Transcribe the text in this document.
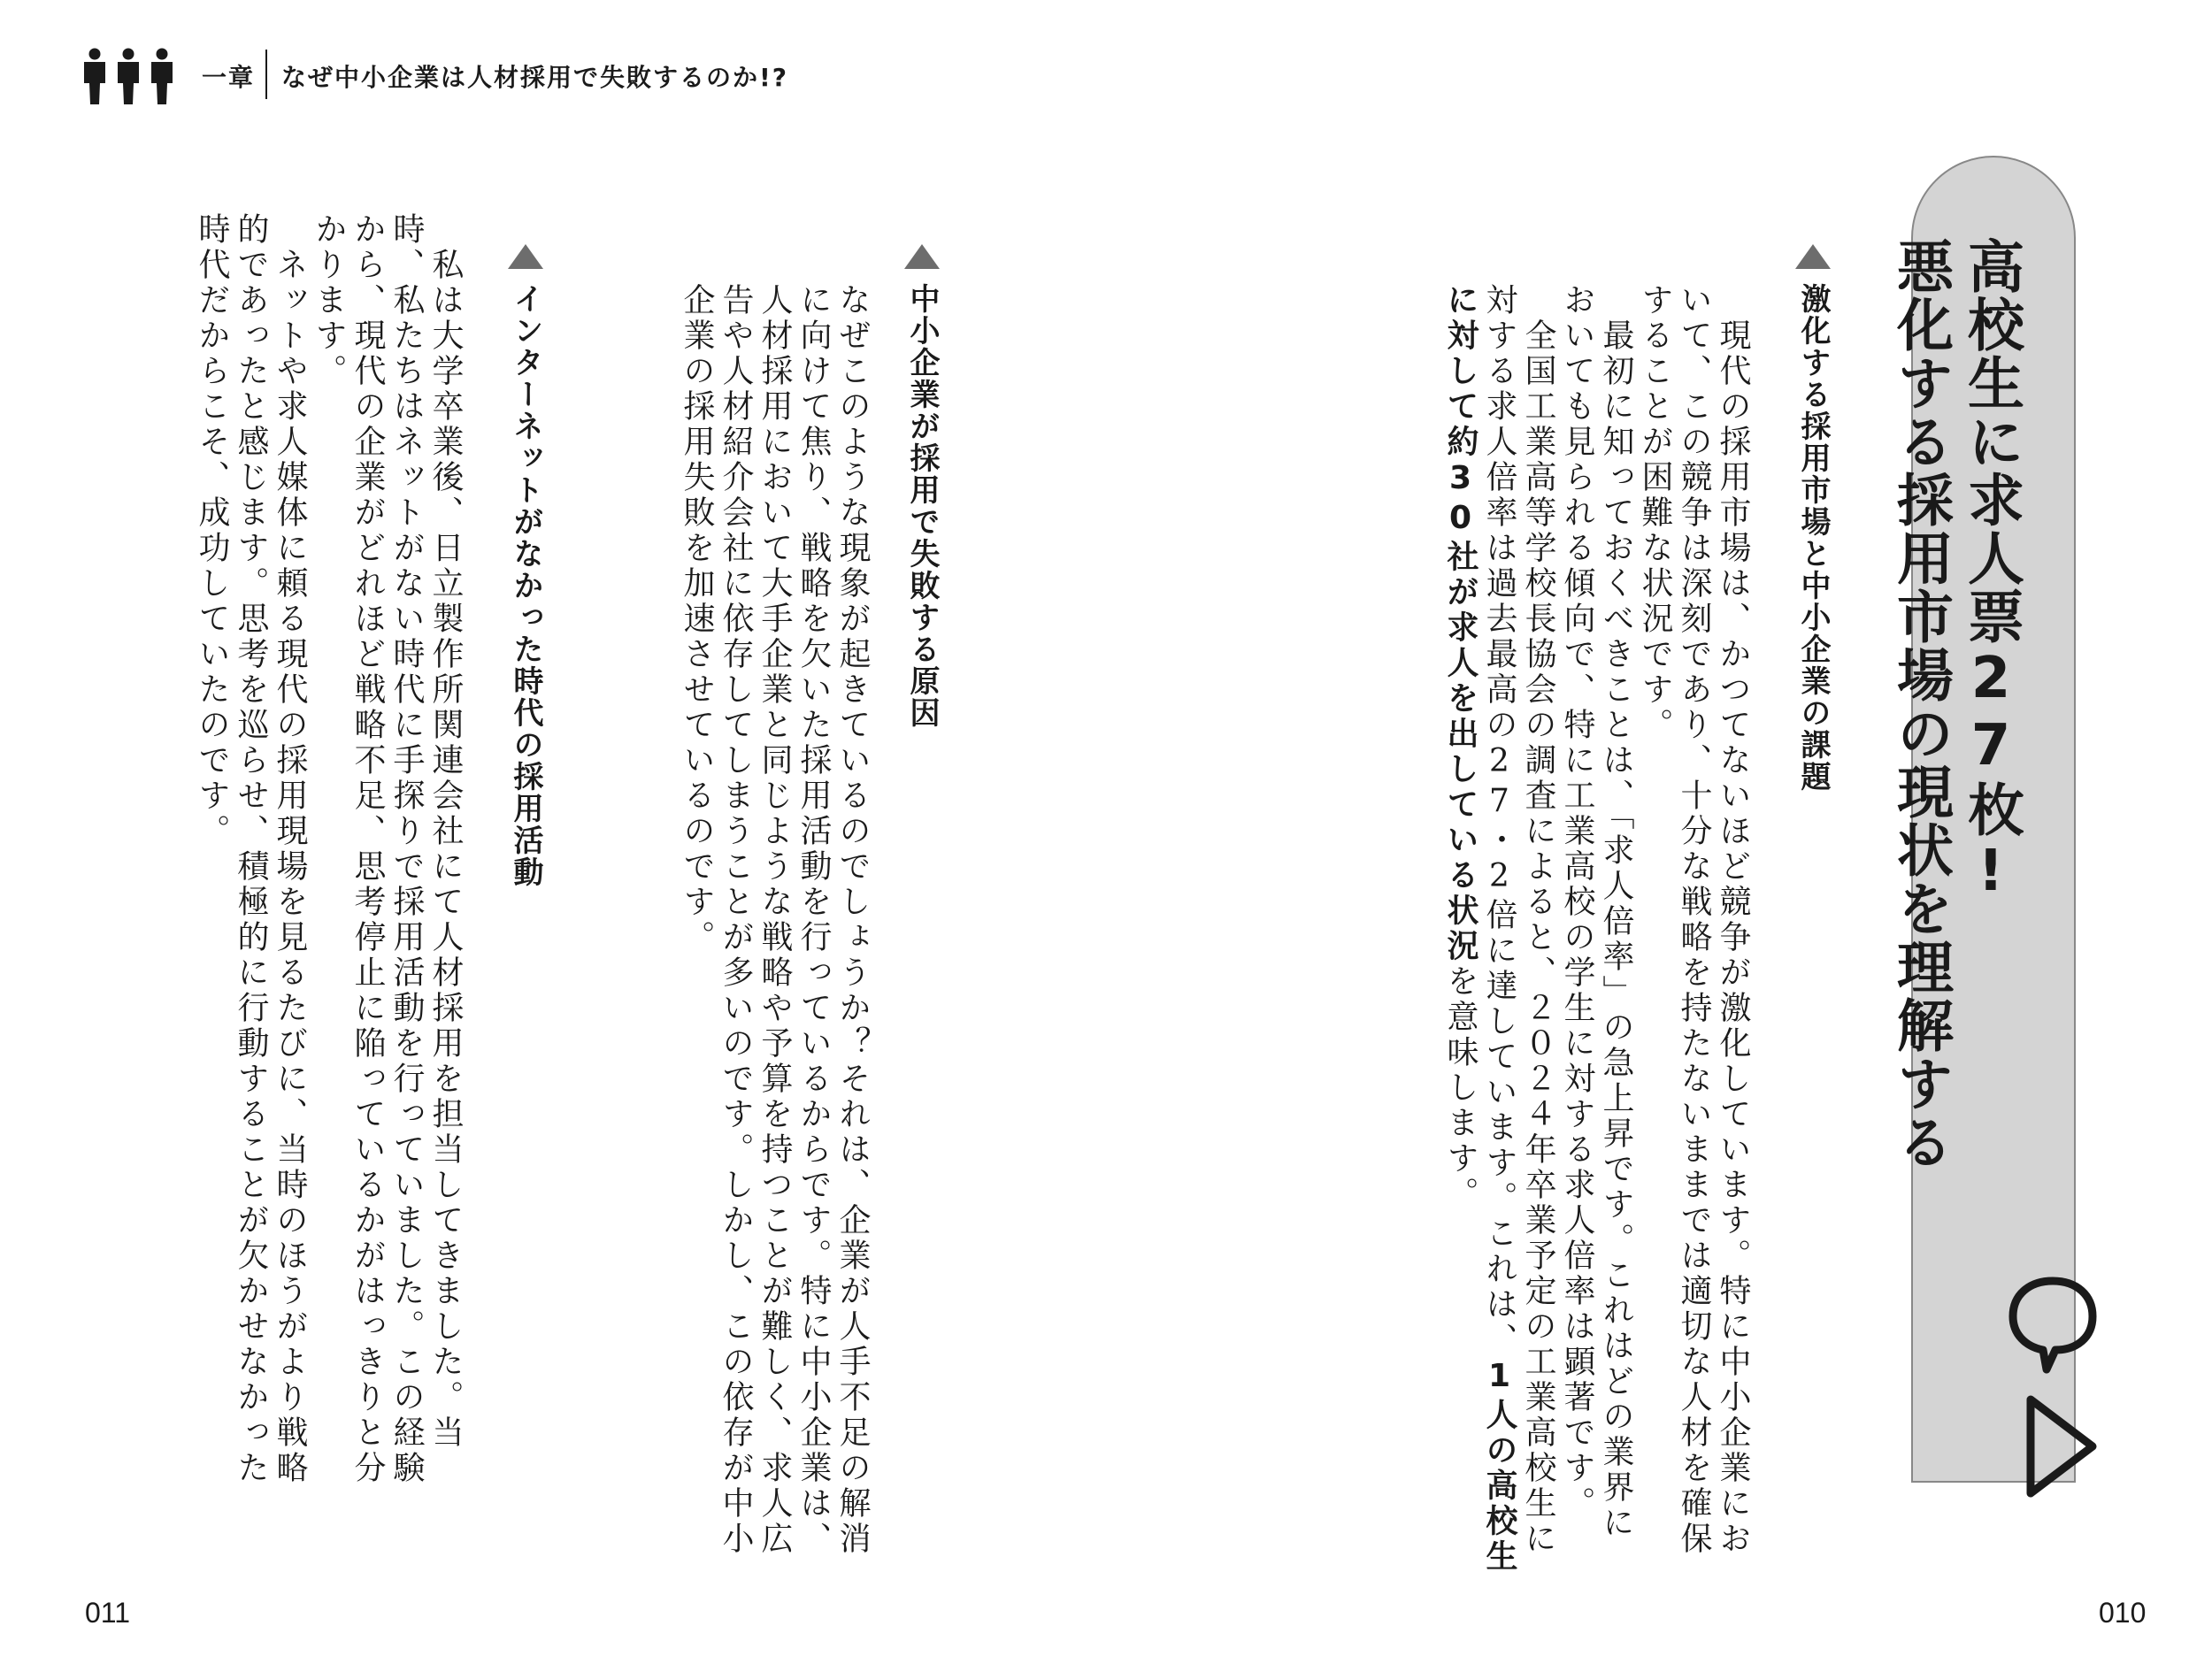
一章 なぜ中小企業は人材採用で失敗するのか!?
高校生に求人票27枚!
悪化する採用市場の現状を理解する
激化する採用市場と中小企業の課題

　現代の採用市場は、かつてないほど競争が激化しています。特に中小企業において、この競争は深刻であり、十分な戦略を持たないままでは適切な人材を確保することが困難な状況です。

　最初に知っておくべきことは、「求人倍率」の急上昇です。これはどの業界においても見られる傾向で、特に工業高校の学生に対する求人倍率は顕著です。

　全国工業高等学校長協会の調査によると、２０２４年卒業予定の工業高校生に対する求人倍率は過去最高の27・2倍に達しています。これは、1人の高校生に対して約30社が求人を出している状況を意味します。

中小企業が採用で失敗する原因

なぜこのような現象が起きているのでしょうか？それは、企業が人手不足の解消に向けて焦り、戦略を欠いた採用活動を行っているからです。特に中小企業は、人材採用において大手企業と同じような戦略や予算を持つことが難しく、求人広告や人材紹介会社に依存してしまうことが多いのです。しかし、この依存が中小企業の採用失敗を加速させているのです。

インターネットがなかった時代の採用活動

　私は大学卒業後、日立製作所関連会社にて人材採用を担当してきました。当時、私たちはネットがない時代に手探りで採用活動を行っていました。この経験から、現代の企業がどれほど戦略不足、思考停止に陥っているかがはっきりと分かります。

　ネットや求人媒体に頼る現代の採用現場を見るたびに、当時のほうがより戦略的であったと感じます。思考を巡らせ、積極的に行動することが欠かせなかった時代だからこそ、成功していたのです。

011	010
